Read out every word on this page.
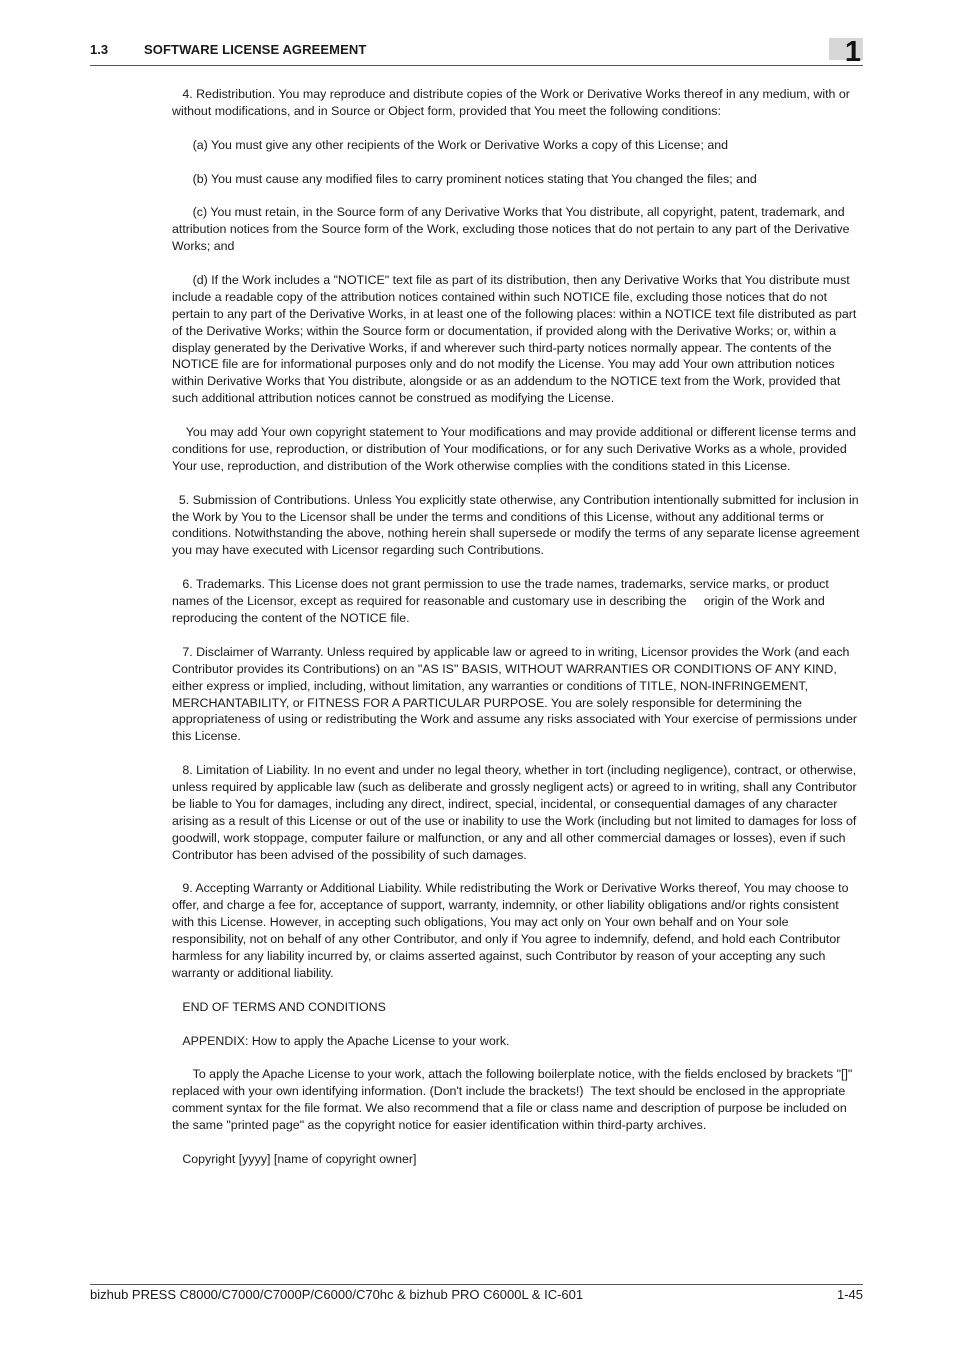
1.3	SOFTWARE LICENSE AGREEMENT	1

4. Redistribution. You may reproduce and distribute copies of the Work or Derivative Works thereof in any medium, with or without modifications, and in Source or Object form, provided that You meet the following conditions:

(a) You must give any other recipients of the Work or Derivative Works a copy of this License; and

(b) You must cause any modified files to carry prominent notices stating that You changed the files; and

(c) You must retain, in the Source form of any Derivative Works that You distribute, all copyright, patent, trademark, and attribution notices from the Source form of the Work, excluding those notices that do not pertain to any part of the Derivative Works; and

(d) If the Work includes a "NOTICE" text file as part of its distribution, then any Derivative Works that You distribute must include a readable copy of the attribution notices contained within such NOTICE file, excluding those notices that do not pertain to any part of the Derivative Works, in at least one of the following places: within a NOTICE text file distributed as part of the Derivative Works; within the Source form or documentation, if provided along with the Derivative Works; or, within a display generated by the Derivative Works, if and wherever such third-party notices normally appear. The contents of the NOTICE file are for informational purposes only and do not modify the License. You may add Your own attribution notices within Derivative Works that You distribute, alongside or as an addendum to the NOTICE text from the Work, provided that such additional attribution notices cannot be construed as modifying the License.

You may add Your own copyright statement to Your modifications and may provide additional or different license terms and conditions for use, reproduction, or distribution of Your modifications, or for any such Derivative Works as a whole, provided Your use, reproduction, and distribution of the Work otherwise complies with the conditions stated in this License.

5. Submission of Contributions. Unless You explicitly state otherwise, any Contribution intentionally submitted for inclusion in the Work by You to the Licensor shall be under the terms and conditions of this License, without any additional terms or conditions. Notwithstanding the above, nothing herein shall supersede or modify the terms of any separate license agreement you may have executed with Licensor regarding such Contributions.

6. Trademarks. This License does not grant permission to use the trade names, trademarks, service marks, or product names of the Licensor, except as required for reasonable and customary use in describing the     origin of the Work and reproducing the content of the NOTICE file.

7. Disclaimer of Warranty. Unless required by applicable law or agreed to in writing, Licensor provides the Work (and each Contributor provides its Contributions) on an "AS IS" BASIS, WITHOUT WARRANTIES OR CONDITIONS OF ANY KIND, either express or implied, including, without limitation, any warranties or conditions of TITLE, NON-INFRINGEMENT, MERCHANTABILITY, or FITNESS FOR A PARTICULAR PURPOSE. You are solely responsible for determining the appropriateness of using or redistributing the Work and assume any risks associated with Your exercise of permissions under this License.

8. Limitation of Liability. In no event and under no legal theory, whether in tort (including negligence), contract, or otherwise, unless required by applicable law (such as deliberate and grossly negligent acts) or agreed to in writing, shall any Contributor be liable to You for damages, including any direct, indirect, special, incidental, or consequential damages of any character arising as a result of this License or out of the use or inability to use the Work (including but not limited to damages for loss of goodwill, work stoppage, computer failure or malfunction, or any and all other commercial damages or losses), even if such Contributor has been advised of the possibility of such damages.

9. Accepting Warranty or Additional Liability. While redistributing the Work or Derivative Works thereof, You may choose to offer, and charge a fee for, acceptance of support, warranty, indemnity, or other liability obligations and/or rights consistent with this License. However, in accepting such obligations, You may act only on Your own behalf and on Your sole responsibility, not on behalf of any other Contributor, and only if You agree to indemnify, defend, and hold each Contributor harmless for any liability incurred by, or claims asserted against, such Contributor by reason of your accepting any such warranty or additional liability.

END OF TERMS AND CONDITIONS

APPENDIX: How to apply the Apache License to your work.

To apply the Apache License to your work, attach the following boilerplate notice, with the fields enclosed by brackets "[]" replaced with your own identifying information. (Don't include the brackets!)  The text should be enclosed in the appropriate comment syntax for the file format. We also recommend that a file or class name and description of purpose be included on the same "printed page" as the copyright notice for easier identification within third-party archives.

Copyright [yyyy] [name of copyright owner]

bizhub PRESS C8000/C7000/C7000P/C6000/C70hc & bizhub PRO C6000L & IC-601	1-45
